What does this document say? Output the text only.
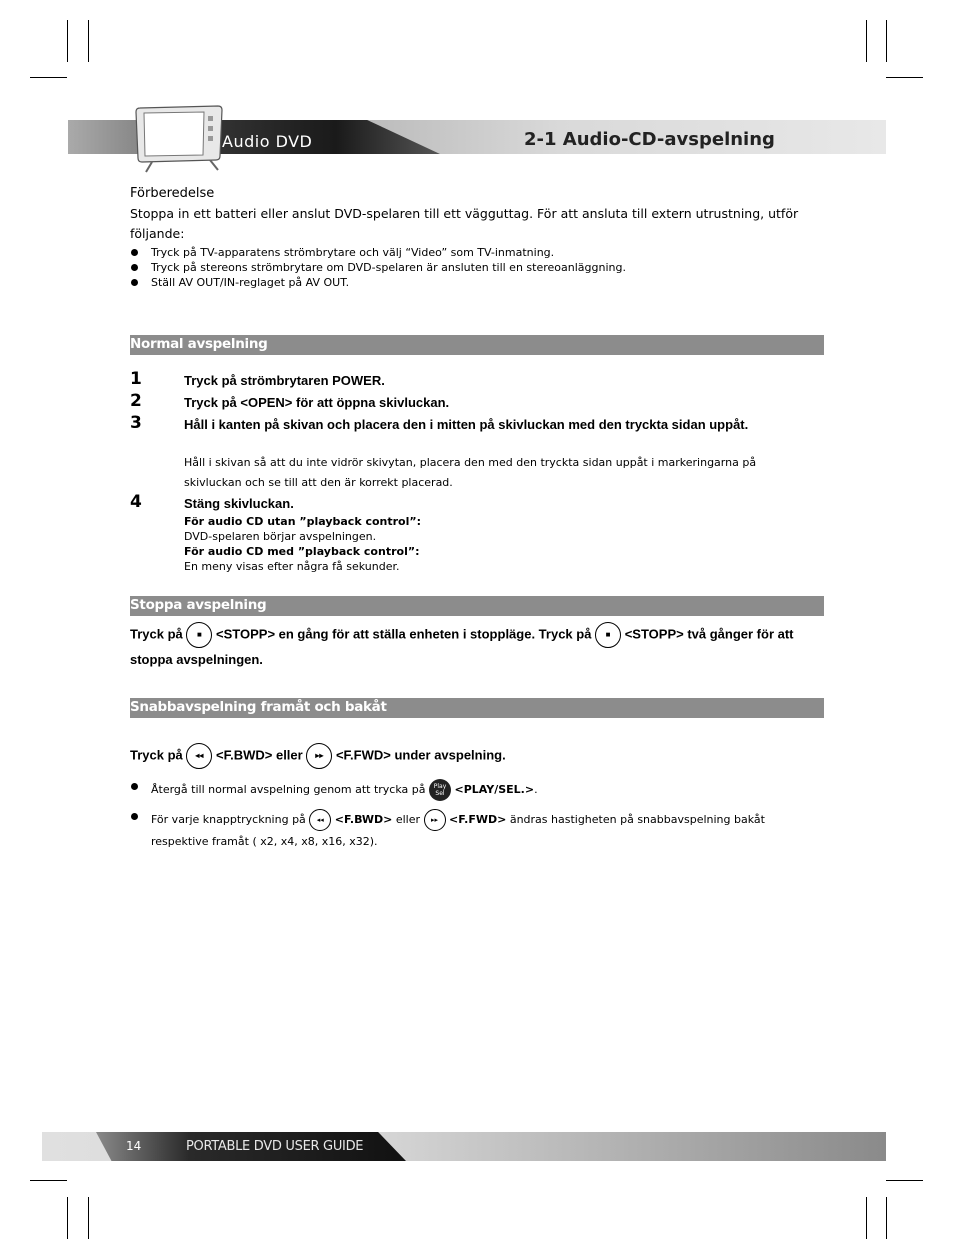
Audio DVD	2-1 Audio-CD-avspelning
Förberedelse
Stoppa in ett batteri eller anslut DVD-spelaren till ett vägguttag. För att ansluta till extern utrustning, utför följande:
Tryck på TV-apparatens strömbrytare och välj “Video” som TV-inmatning.
Tryck på stereons strömbrytare om DVD-spelaren är ansluten till en stereoanläggning.
Ställ AV OUT/IN-reglaget på AV OUT.
Normal avspelning
1	Tryck på strömbrytaren POWER.
2	Tryck på <OPEN> för att öppna skivluckan.
3	Håll i kanten på skivan och placera den i mitten på skivluckan med den tryckta sidan uppåt.
Håll i skivan så att du inte vidrör skivytan, placera den med den tryckta sidan uppåt i markeringarna på skivluckan och se till att den är korrekt placerad.
4	Stäng skivluckan.
För audio CD utan ”playback control”:
DVD-spelaren börjar avspelningen.
För audio CD med ”playback control”:
En meny visas efter några få sekunder.
Stoppa avspelning
Tryck på ■ <STOPP> en gång för att ställa enheten i stoppläge. Tryck på ■ <STOPP> två gånger för att stoppa avspelningen.
Snabbavspelning framåt och bakåt
Tryck på ◂◂ <F.BWD> eller ▸▸ <F.FWD> under avspelning.
Återgå till normal avspelning genom att trycka på Play
Sel <PLAY/SEL.>.
För varje knapptryckning på ◂◂ <F.BWD> eller ▸▸ <F.FWD> ändras hastigheten på snabbavspelning bakåt respektive framåt ( x2, x4, x8, x16, x32).
14	PORTABLE DVD USER GUIDE
